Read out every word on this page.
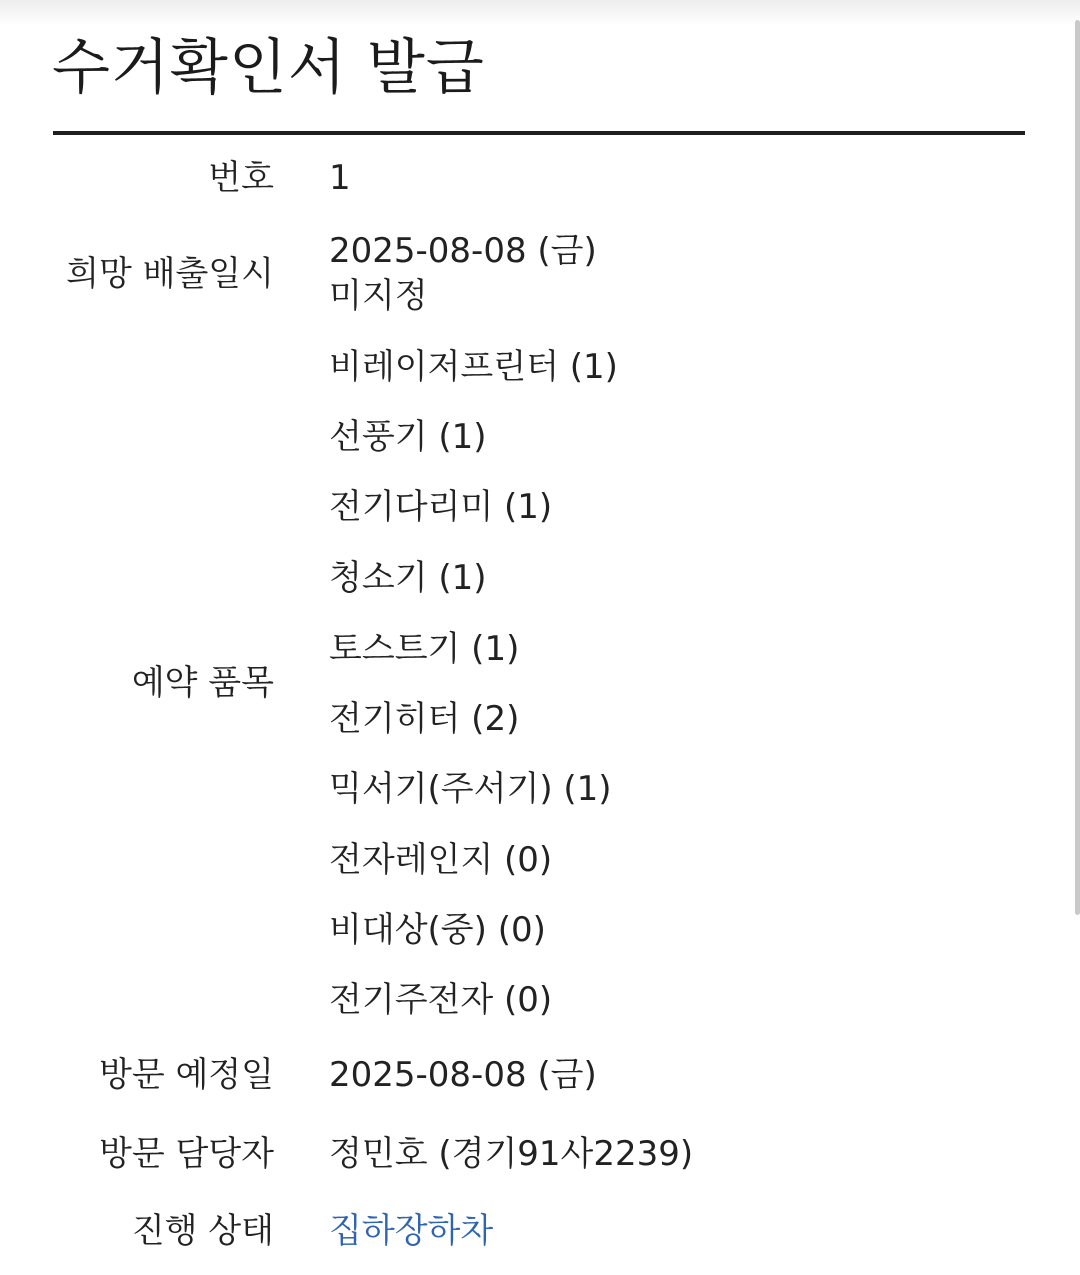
수거확인서 발급
번호 1
희망 배출일시
2025-08-08 (금)
미지정
예약 품목
비레이저프린터 (1)
선풍기 (1)
전기다리미 (1)
청소기 (1)
토스트기 (1)
전기히터 (2)
믹서기(주서기) (1)
전자레인지 (0)
비대상(중) (0)
전기주전자 (0)
방문 예정일 2025-08-08 (금)
방문 담당자 정민호 (경기91사2239)
진행 상태 집하장하차
